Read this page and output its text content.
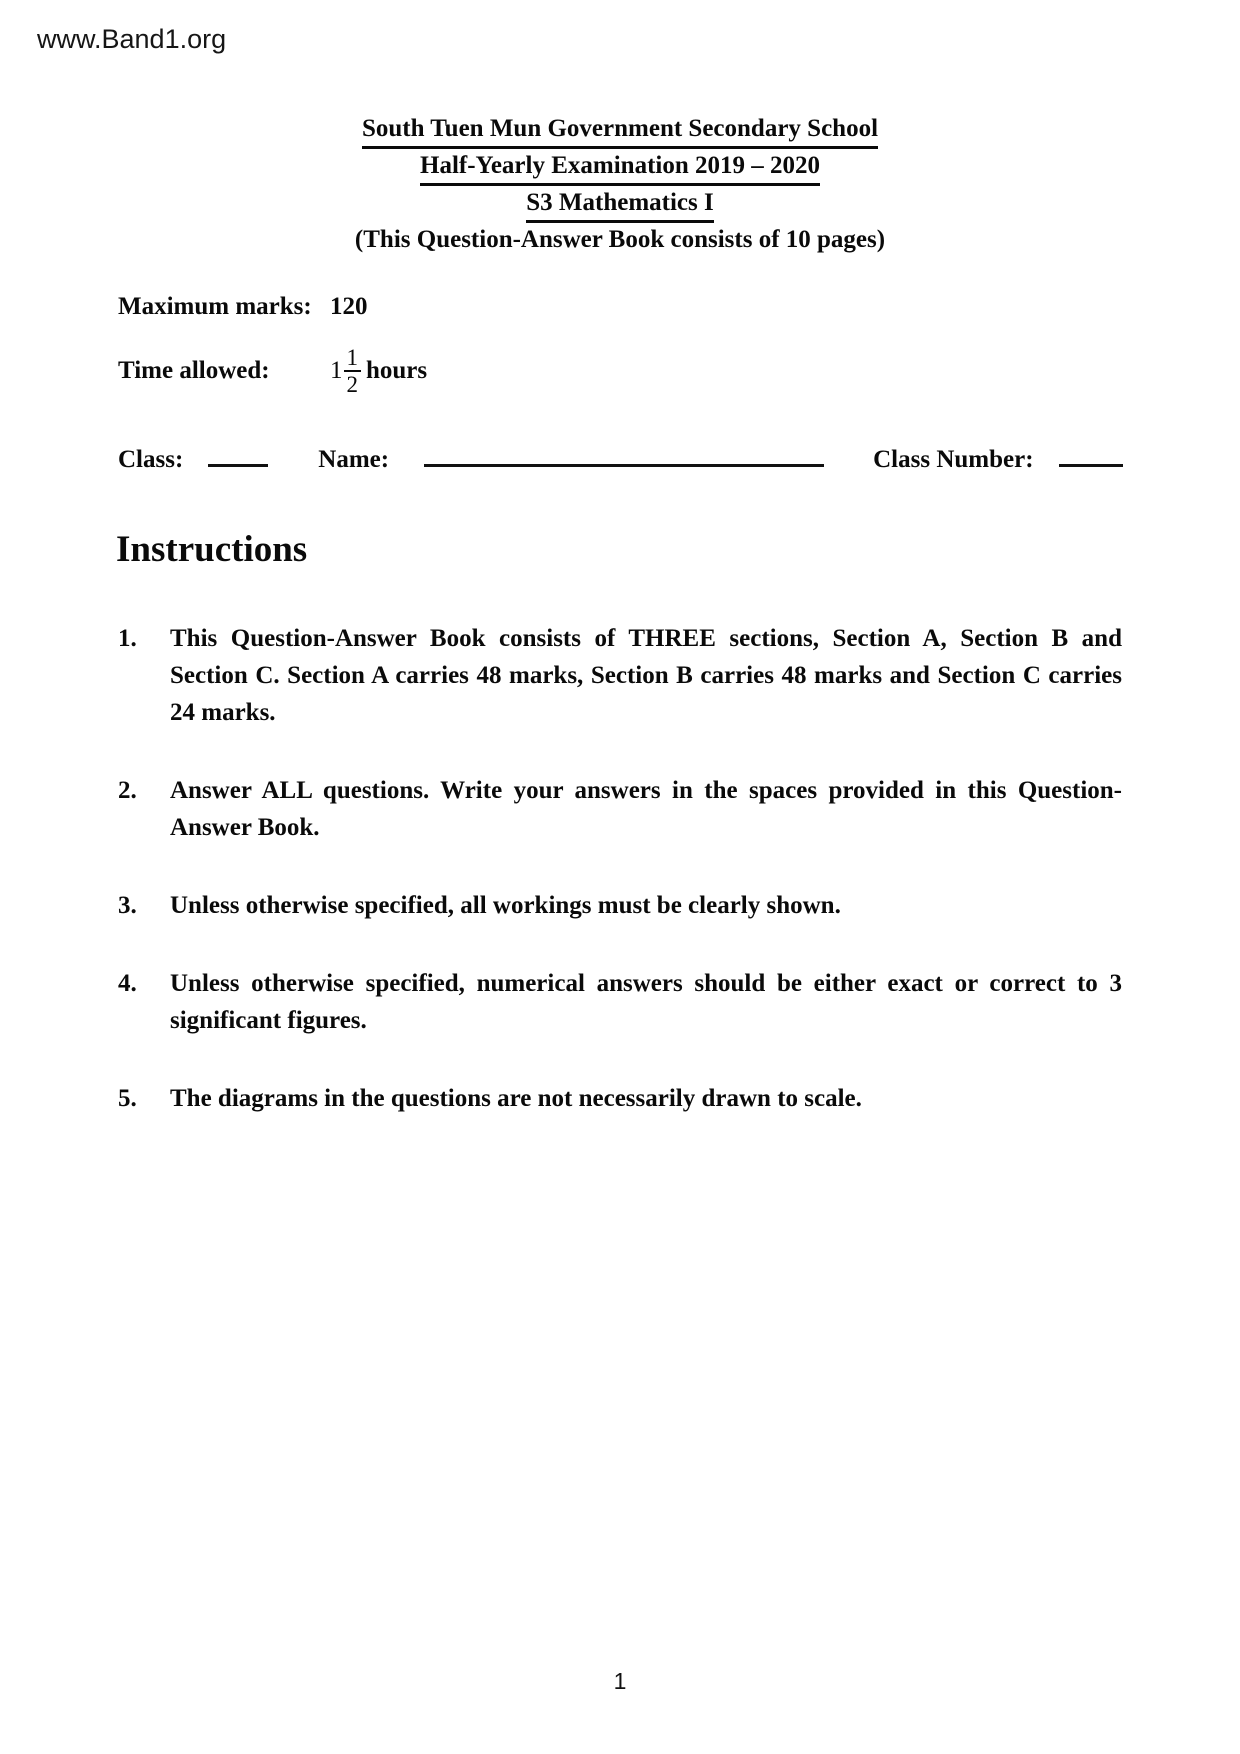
www.Band1.org
South Tuen Mun Government Secondary School
Half-Yearly Examination 2019 – 2020
S3 Mathematics I
(This Question-Answer Book consists of 10 pages)
Maximum marks: 120
Time allowed:	$1 \frac{1}{2}$ hours
Class:	Name:	Class Number:
Instructions
1.	This Question-Answer Book consists of THREE sections, Section A, Section B and Section C. Section A carries 48 marks, Section B carries 48 marks and Section C carries 24 marks.
2.	Answer ALL questions. Write your answers in the spaces provided in this Question-Answer Book.
3.	Unless otherwise specified, all workings must be clearly shown.
4.	Unless otherwise specified, numerical answers should be either exact or correct to 3 significant figures.
5.	The diagrams in the questions are not necessarily drawn to scale.
1
